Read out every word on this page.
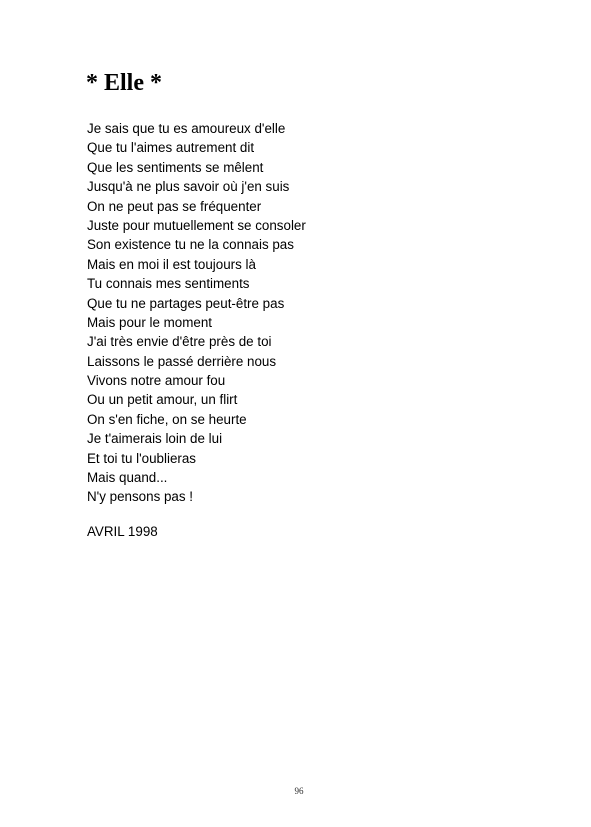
* Elle *
Je sais que tu es amoureux d'elle
Que tu l'aimes autrement dit
Que les sentiments se mêlent
Jusqu'à ne plus savoir où j'en suis
On ne peut pas se fréquenter
Juste pour mutuellement se consoler
Son existence tu ne la connais pas
Mais en moi il est toujours là
Tu connais mes sentiments
Que tu ne partages peut-être pas
Mais pour le moment
J'ai très envie d'être près de toi
Laissons le passé derrière nous
Vivons notre amour fou
Ou un petit amour, un flirt
On s'en fiche, on se heurte
Je t'aimerais loin de lui
Et toi tu l'oublieras
Mais quand...
N'y pensons pas !

AVRIL 1998

96
